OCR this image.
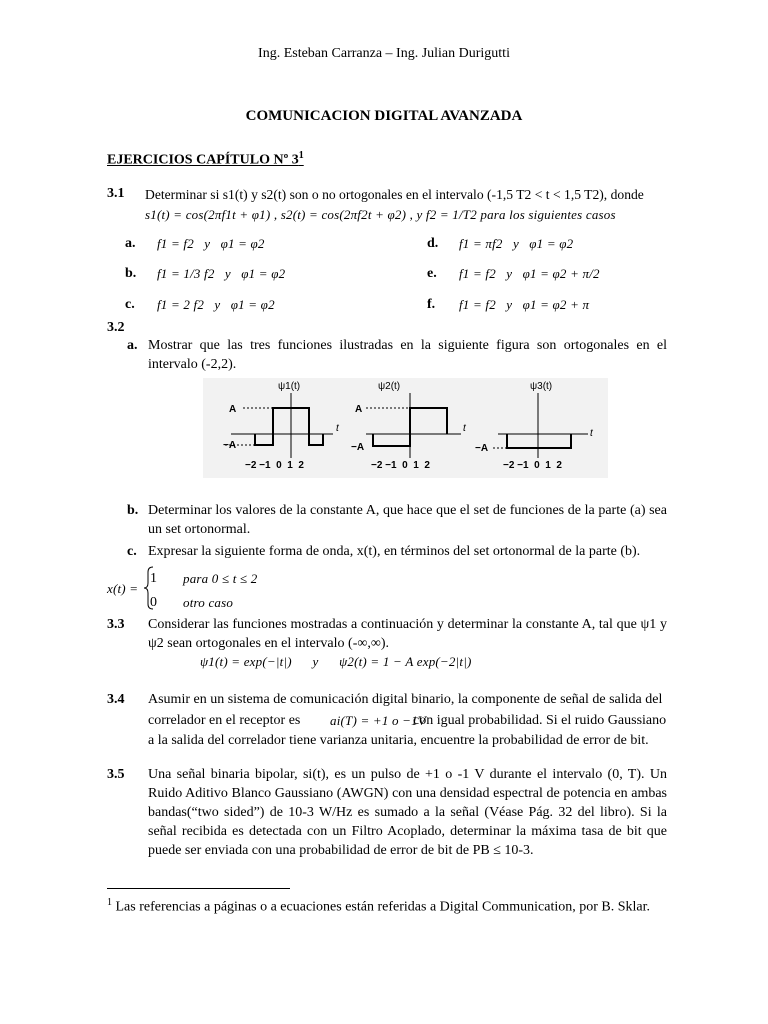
Ing. Esteban Carranza – Ing. Julian Durigutti
COMUNICACION DIGITAL AVANZADA
EJERCICIOS CAPÍTULO Nº $3^1$
3.1 Determinar si s1(t) y s2(t) son o no ortogonales en el intervalo (-1,5 T2 < t < 1,5 T2), donde
s1(t) = cos(2πf1t + φ1) , s2(t) = cos(2πf2t + φ2) , y f2 = 1/T2 para los siguientes casos
a. f1 = f2   y   φ1 = φ2
b. f1 = 1/3 f2   y   φ1 = φ2
c. f1 = 2 f2   y   φ1 = φ2
d. f1 = πf2   y   φ1 = φ2
e. f1 = f2   y   φ1 = φ2 + π/2
f. f1 = f2   y   φ1 = φ2 + π
3.2
a. Mostrar que las tres funciones ilustradas en la siguiente figura son ortogonales en el intervalo (-2,2).
ψ1(t)
A
−A
t
−2 −1  0  1  2
ψ2(t)
A
−A
t
−2 −1  0  1  2
ψ3(t)
−A
t
−2 −1  0  1  2
b. Determinar los valores de la constante A, que hace que el set de funciones de la parte (a) sea un set ortonormal.
c. Expresar la siguiente forma de onda, x(t), en términos del set ortonormal de la parte (b).
x(t) =
1 para 0 ≤ t ≤ 2
0 otro caso
3.3 Considerar las funciones mostradas a continuación y determinar la constante A, tal que ψ1 y ψ2 sean ortogonales en el intervalo (-∞,∞).
ψ1(t) = exp(−|t|)      y      ψ2(t) = 1 − A exp(−2|t|)
3.4 Asumir en un sistema de comunicación digital binario, la componente de señal de salida del
correlador en el receptor es ai(T) = +1 o −1V
con igual probabilidad. Si el ruido Gaussiano
a la salida del correlador tiene varianza unitaria, encuentre la probabilidad de error de bit.
3.5 Una señal binaria bipolar, si(t), es un pulso de +1 o -1 V durante el intervalo (0, T). Un Ruido Aditivo Blanco Gaussiano (AWGN) con una densidad espectral de potencia en ambas bandas(“two sided”) de 10-3 W/Hz es sumado a la señal (Véase Pág. 32 del libro). Si la señal recibida es detectada con un Filtro Acoplado, determinar la máxima tasa de bit que puede ser enviada con una probabilidad de error de bit de PB ≤ 10-3.
$^1$ Las referencias a páginas o a ecuaciones están referidas a Digital Communication, por B. Sklar.
